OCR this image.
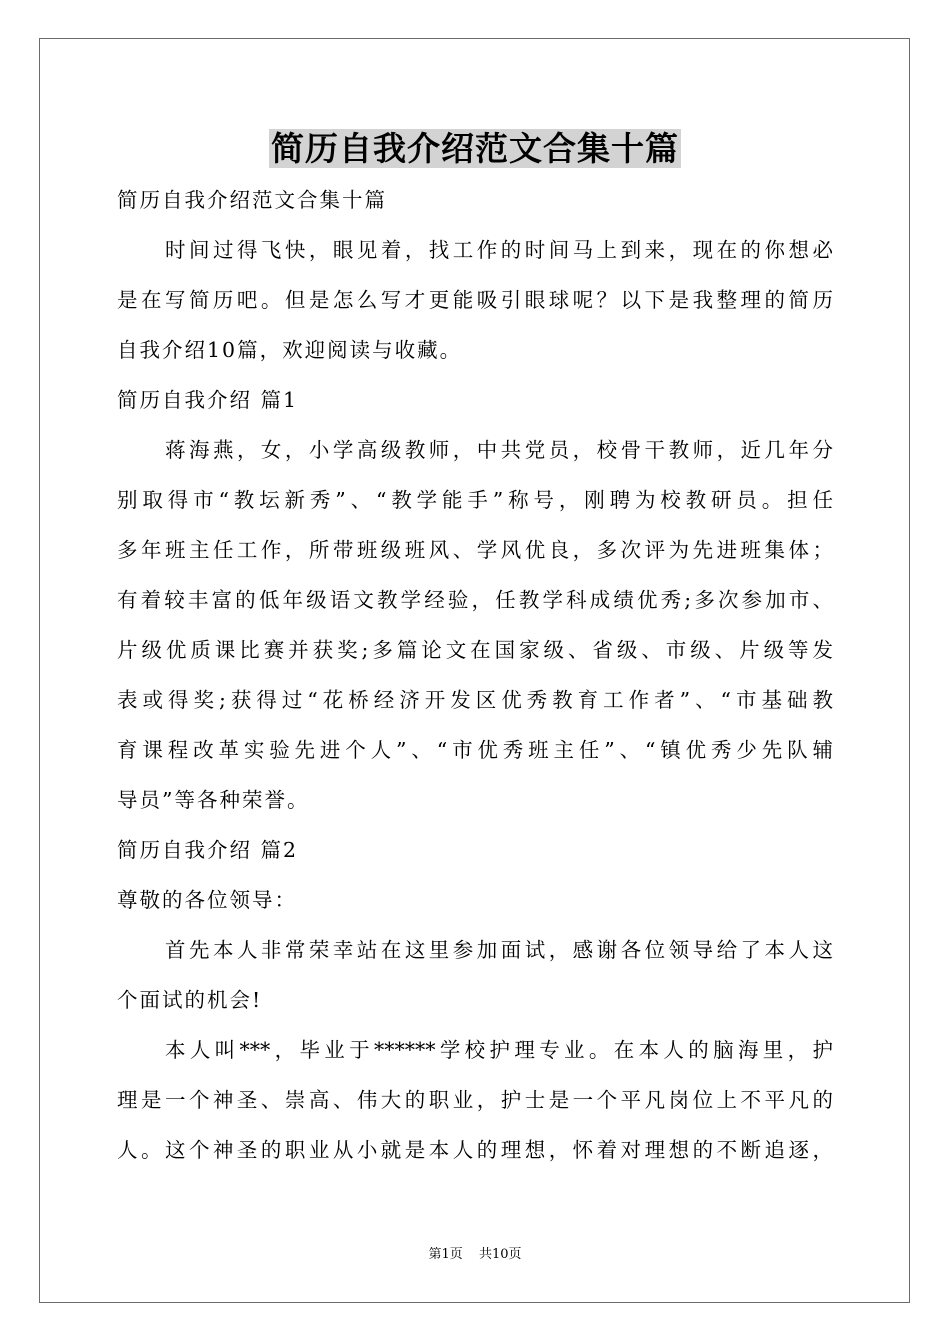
简历自我介绍范文合集十篇
简历自我介绍范文合集十篇
时间过得飞快，眼见着，找工作的时间马上到来，现在的你想必
是在写简历吧。但是怎么写才更能吸引眼球呢？以下是我整理的简历
自我介绍10篇，欢迎阅读与收藏。
简历自我介绍 篇1
蒋海燕，女，小学高级教师，中共党员，校骨干教师，近几年分
别取得市“教坛新秀”、“教学能手”称号，刚聘为校教研员。担任
多年班主任工作，所带班级班风、学风优良，多次评为先进班集体；
有着较丰富的低年级语文教学经验，任教学科成绩优秀;多次参加市、
片级优质课比赛并获奖;多篇论文在国家级、省级、市级、片级等发
表或得奖;获得过“花桥经济开发区优秀教育工作者”、“市基础教
育课程改革实验先进个人”、“市优秀班主任”、“镇优秀少先队辅
导员”等各种荣誉。
简历自我介绍 篇2
尊敬的各位领导：
首先本人非常荣幸站在这里参加面试，感谢各位领导给了本人这
个面试的机会!
本人叫***，毕业于******学校护理专业。在本人的脑海里，护
理是一个神圣、崇高、伟大的职业，护士是一个平凡岗位上不平凡的
人。这个神圣的职业从小就是本人的理想，怀着对理想的不断追逐，
第1页 共10页
